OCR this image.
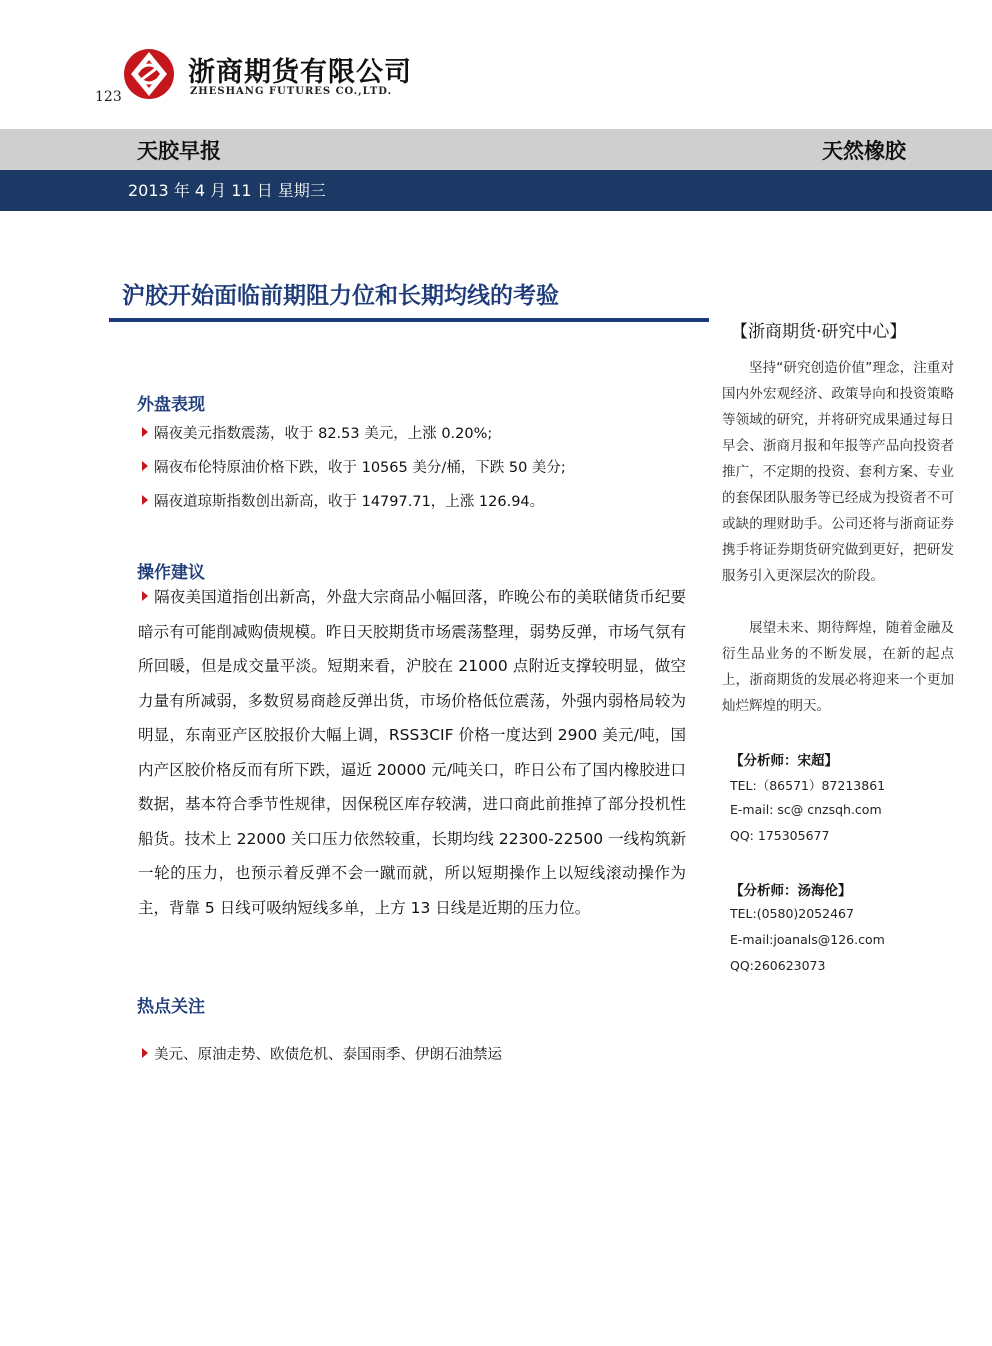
123
浙商期货有限公司
ZHESHANG FUTURES CO.,LTD.
天胶早报	天然橡胶
2013 年 4 月 11 日 星期三
沪胶开始面临前期阻力位和长期均线的考验
外盘表现
隔夜美元指数震荡，收于 82.53 美元，上涨 0.20%;
隔夜布伦特原油价格下跌，收于 10565 美分/桶，下跌 50 美分;
隔夜道琼斯指数创出新高，收于 14797.71，上涨 126.94。
操作建议
隔夜美国道指创出新高，外盘大宗商品小幅回落，昨晚公布的美联储货币纪要暗示有可能削减购债规模。昨日天胶期货市场震荡整理，弱势反弹，市场气氛有所回暖，但是成交量平淡。短期来看，沪胶在 21000 点附近支撑较明显，做空力量有所减弱，多数贸易商趁反弹出货，市场价格低位震荡，外强内弱格局较为明显，东南亚产区胶报价大幅上调，RSS3CIF 价格一度达到 2900 美元/吨，国内产区胶价格反而有所下跌，逼近 20000 元/吨关口，昨日公布了国内橡胶进口数据，基本符合季节性规律，因保税区库存较满，进口商此前推掉了部分投机性船货。技术上 22000 关口压力依然较重，长期均线 22300-22500 一线构筑新一轮的压力，也预示着反弹不会一蹴而就，所以短期操作上以短线滚动操作为主，背靠 5 日线可吸纳短线多单，上方 13 日线是近期的压力位。
热点关注
美元、原油走势、欧债危机、泰国雨季、伊朗石油禁运
【浙商期货·研究中心】
坚持“研究创造价值”理念，注重对国内外宏观经济、政策导向和投资策略等领域的研究，并将研究成果通过每日早会、浙商月报和年报等产品向投资者推广，不定期的投资、套利方案、专业的套保团队服务等已经成为投资者不可或缺的理财助手。公司还将与浙商证券携手将证券期货研究做到更好，把研发服务引入更深层次的阶段。
展望未来、期待辉煌，随着金融及衍生品业务的不断发展，在新的起点上，浙商期货的发展必将迎来一个更加灿烂辉煌的明天。
【分析师：宋超】
TEL:（86571）87213861
E-mail: sc@ cnzsqh.com
QQ: 175305677
【分析师：汤海伦】
TEL:(0580)2052467
E-mail:joanals@126.com
QQ:260623073
